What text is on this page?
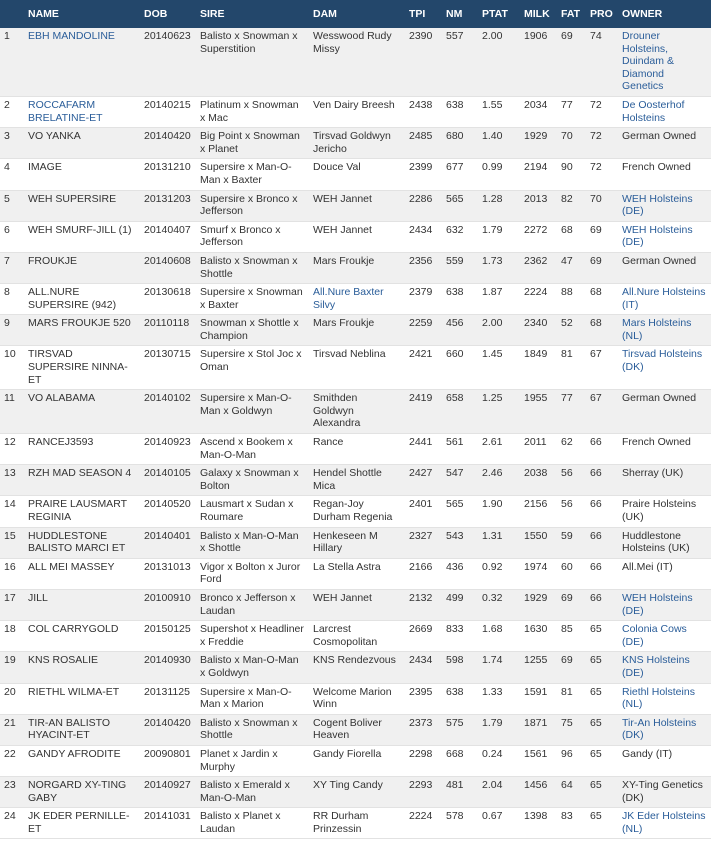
	NAME	DOB	SIRE	DAM	TPI	NM	PTAT	MILK	FAT	PRO	OWNER
1	EBH MANDOLINE	20140623	Balisto x Snowman x Superstition	Wesswood Rudy Missy	2390	557	2.00	1906	69	74	Drouner Holsteins, Duindam & Diamond Genetics
2	ROCCAFARM BRELATINE-ET	20140215	Platinum x Snowman x Mac	Ven Dairy Breesh	2438	638	1.55	2034	77	72	De Oosterhof Holsteins
3	VO YANKA	20140420	Big Point x Snowman x Planet	Tirsvad Goldwyn Jericho	2485	680	1.40	1929	70	72	German Owned
4	IMAGE	20131210	Supersire x Man-O-Man x Baxter	Douce Val	2399	677	0.99	2194	90	72	French Owned
5	WEH SUPERSIRE	20131203	Supersire x Bronco x Jefferson	WEH Jannet	2286	565	1.28	2013	82	70	WEH Holsteins (DE)
6	WEH SMURF-JILL (1)	20140407	Smurf x Bronco x Jefferson	WEH Jannet	2434	632	1.79	2272	68	69	WEH Holsteins (DE)
7	FROUKJE	20140608	Balisto x Snowman x Shottle	Mars Froukje	2356	559	1.73	2362	47	69	German Owned
8	ALL.NURE SUPERSIRE (942)	20130618	Supersire x Snowman x Baxter	All.Nure Baxter Silvy	2379	638	1.87	2224	88	68	All.Nure Holsteins (IT)
9	MARS FROUKJE 520	20110118	Snowman x Shottle x Champion	Mars Froukje	2259	456	2.00	2340	52	68	Mars Holsteins (NL)
10	TIRSVAD SUPERSIRE NINNA-ET	20130715	Supersire x Stol Joc x Oman	Tirsvad Neblina	2421	660	1.45	1849	81	67	Tirsvad Holsteins (DK)
11	VO ALABAMA	20140102	Supersire x Man-O-Man x Goldwyn	Smithden Goldwyn Alexandra	2419	658	1.25	1955	77	67	German Owned
12	RANCEJ3593	20140923	Ascend x Bookem x Man-O-Man	Rance	2441	561	2.61	2011	62	66	French Owned
13	RZH MAD SEASON 4	20140105	Galaxy x Snowman x Bolton	Hendel Shottle Mica	2427	547	2.46	2038	56	66	Sherray (UK)
14	PRAIRE LAUSMART REGINIA	20140520	Lausmart x Sudan x Roumare	Regan-Joy Durham Regenia	2401	565	1.90	2156	56	66	Praire Holsteins (UK)
15	HUDDLESTONE BALISTO MARCI ET	20140401	Balisto x Man-O-Man x Shottle	Henkeseen M Hillary	2327	543	1.31	1550	59	66	Huddlestone Holsteins (UK)
16	ALL MEI MASSEY	20131013	Vigor x Bolton x Juror Ford	La Stella Astra	2166	436	0.92	1974	60	66	All.Mei (IT)
17	JILL	20100910	Bronco x Jefferson x Laudan	WEH Jannet	2132	499	0.32	1929	69	66	WEH Holsteins (DE)
18	COL CARRYGOLD	20150125	Supershot x Headliner x Freddie	Larcrest Cosmopolitan	2669	833	1.68	1630	85	65	Colonia Cows (DE)
19	KNS ROSALIE	20140930	Balisto x Man-O-Man x Goldwyn	KNS Rendezvous	2434	598	1.74	1255	69	65	KNS Holsteins (DE)
20	RIETHL WILMA-ET	20131125	Supersire x Man-O-Man x Marion	Welcome Marion Winn	2395	638	1.33	1591	81	65	Riethl Holsteins (NL)
21	TIR-AN BALISTO HYACINT-ET	20140420	Balisto x Snowman x Shottle	Cogent Boliver Heaven	2373	575	1.79	1871	75	65	Tir-An Holsteins (DK)
22	GANDY AFRODITE	20090801	Planet x Jardin x Murphy	Gandy Fiorella	2298	668	0.24	1561	96	65	Gandy (IT)
23	NORGARD XY-TING GABY	20140927	Balisto x Emerald x Man-O-Man	XY Ting Candy	2293	481	2.04	1456	64	65	XY-Ting Genetics (DK)
24	JK EDER PERNILLE-ET	20141031	Balisto x Planet x Laudan	RR Durham Prinzessin	2224	578	0.67	1398	83	65	JK Eder Holsteins (NL)
